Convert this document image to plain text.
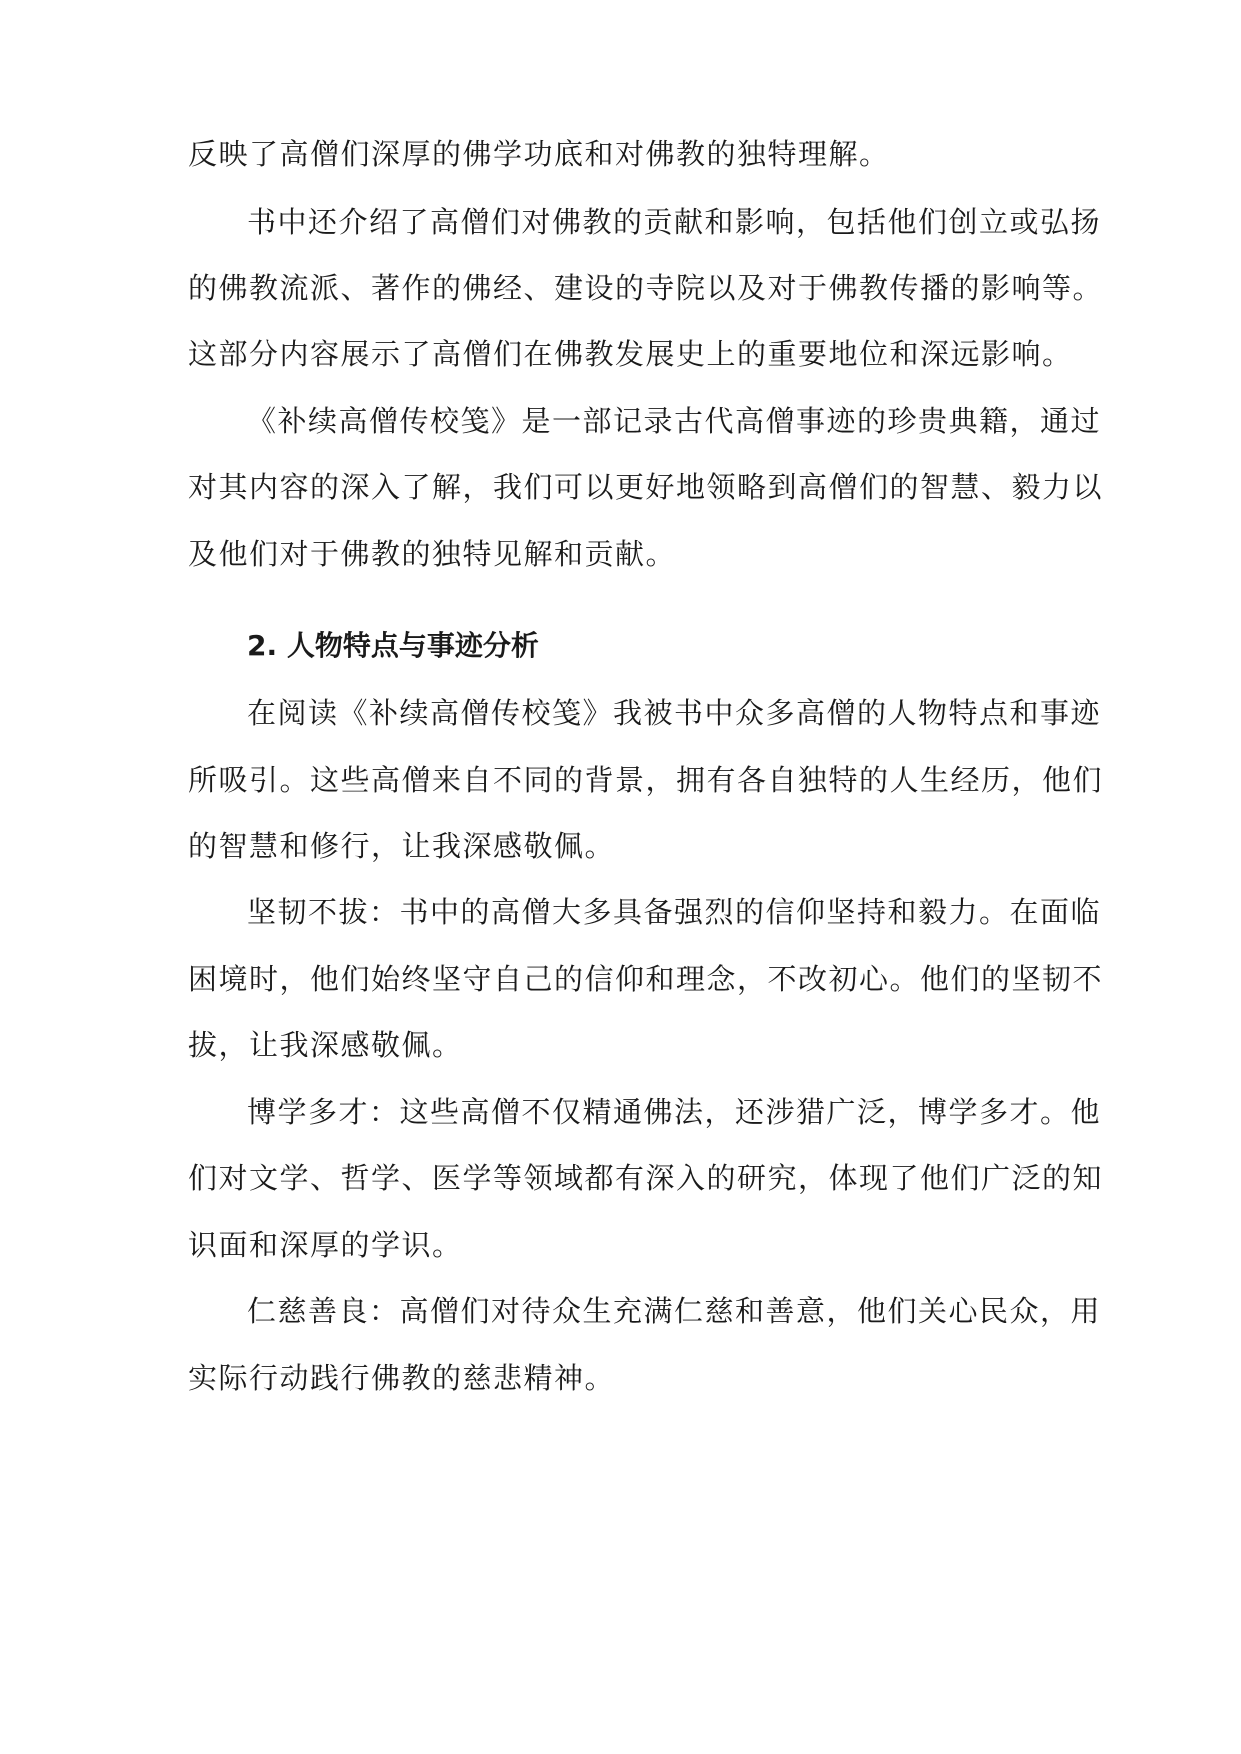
反映了高僧们深厚的佛学功底和对佛教的独特理解。
书中还介绍了高僧们对佛教的贡献和影响，包括他们创立或弘扬
的佛教流派、著作的佛经、建设的寺院以及对于佛教传播的影响等。
这部分内容展示了高僧们在佛教发展史上的重要地位和深远影响。
《补续高僧传校笺》是一部记录古代高僧事迹的珍贵典籍，通过
对其内容的深入了解，我们可以更好地领略到高僧们的智慧、毅力以
及他们对于佛教的独特见解和贡献。
2. 人物特点与事迹分析
在阅读《补续高僧传校笺》我被书中众多高僧的人物特点和事迹
所吸引。这些高僧来自不同的背景，拥有各自独特的人生经历，他们
的智慧和修行，让我深感敬佩。
坚韧不拔：书中的高僧大多具备强烈的信仰坚持和毅力。在面临
困境时，他们始终坚守自己的信仰和理念，不改初心。他们的坚韧不
拔，让我深感敬佩。
博学多才：这些高僧不仅精通佛法，还涉猎广泛，博学多才。他
们对文学、哲学、医学等领域都有深入的研究，体现了他们广泛的知
识面和深厚的学识。
仁慈善良：高僧们对待众生充满仁慈和善意，他们关心民众，用
实际行动践行佛教的慈悲精神。
